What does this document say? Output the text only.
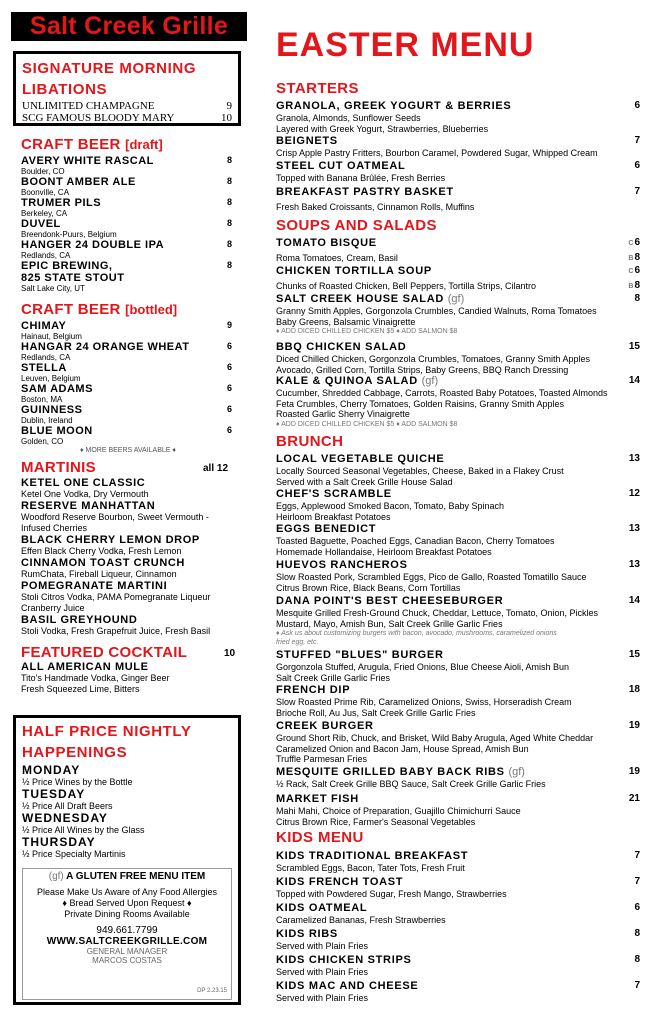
Salt Creek Grille	EASTER MENU
SIGNATURE MORNING LIBATIONS
UNLIMITED CHAMPAGNE	9
SCG FAMOUS BLOODY MARY	10
CRAFT BEER [draft]
AVERY WHITE RASCAL
Boulder, CO
8
BOONT AMBER ALE
Boonville, CA
8
TRUMER PILS
Berkeley, CA
8
DUVEL
Breendonk-Puurs, Belgium
8
HANGER 24 DOUBLE IPA
Redlands, CA
8
EPIC BREWING,
825 STATE STOUT
Salt Lake City, UT
8
CRAFT BEER [bottled]
CHIMAY
Hainaut, Belgium
9
HANGAR 24 ORANGE WHEAT
Redlands, CA
6
STELLA
Leuven, Belgium
6
SAM ADAMS
Boston, MA
6
GUINNESS
Dublin, Ireland
6
BLUE MOON
Golden, CO
6
♦ MORE BEERS AVAILABLE ♦
MARTINIS	all 12
KETEL ONE CLASSIC
Ketel One Vodka, Dry Vermouth
RESERVE MANHATTAN
Woodford Reserve Bourbon, Sweet Vermouth -
Infused Cherries
BLACK CHERRY LEMON DROP
Effen Black Cherry Vodka, Fresh Lemon
CINNAMON TOAST CRUNCH
RumChata, Fireball Liqueur, Cinnamon
POMEGRANATE MARTINI
Stoli Citros Vodka, PAMA Pomegranate Liqueur
Cranberry Juice
BASIL GREYHOUND
Stoli Vodka, Fresh Grapefruit Juice, Fresh Basil
FEATURED COCKTAIL	10
ALL AMERICAN MULE
Tito's Handmade Vodka, Ginger Beer
Fresh Squeezed Lime, Bitters
HALF PRICE NIGHTLY
HAPPENINGS
MONDAY
½ Price Wines by the Bottle
TUESDAY
½ Price All Draft Beers
WEDNESDAY
½ Price All Wines by the Glass
THURSDAY
½ Price Specialty Martinis
(gf) A GLUTEN FREE MENU ITEM
Please Make Us Aware of Any Food Allergies
♦ Bread Served Upon Request ♦
Private Dining Rooms Available
949.661.7799
WWW.SALTCREEKGRILLE.COM
GENERAL MANAGER
MARCOS COSTAS
DP 2.23.15
STARTERS
GRANOLA, GREEK YOGURT & BERRIES
Granola, Almonds, Sunflower Seeds
Layered with Greek Yogurt, Strawberries, Blueberries
6
BEIGNETS
Crisp Apple Pastry Fritters, Bourbon Caramel, Powdered Sugar, Whipped Cream
7
STEEL CUT OATMEAL
Topped with Banana Brûlée, Fresh Berries
6
BREAKFAST PASTRY BASKET
Fresh Baked Croissants, Cinnamon Rolls, Muffins
7
SOUPS AND SALADS
TOMATO BISQUE
Roma Tomatoes, Cream, Basil
C6
B8
CHICKEN TORTILLA SOUP
Chunks of Roasted Chicken, Bell Peppers, Tortilla Strips, Cilantro
C6
B8
SALT CREEK HOUSE SALAD (gf)
Granny Smith Apples, Gorgonzola Crumbles, Candied Walnuts, Roma Tomatoes
Baby Greens, Balsamic Vinaigrette
♦ ADD DICED CHILLED CHICKEN $5 ♦ ADD SALMON $8
8
BBQ CHICKEN SALAD
Diced Chilled Chicken, Gorgonzola Crumbles, Tomatoes, Granny Smith Apples
Avocado, Grilled Corn, Tortilla Strips, Baby Greens, BBQ Ranch Dressing
15
KALE & QUINOA SALAD (gf)
Cucumber, Shredded Cabbage, Carrots, Roasted Baby Potatoes, Toasted Almonds
Feta Crumbles, Cherry Tomatoes, Golden Raisins, Granny Smith Apples
Roasted Garlic Sherry Vinaigrette
♦ ADD DICED CHILLED CHICKEN $5 ♦ ADD SALMON $8
14
BRUNCH
LOCAL VEGETABLE QUICHE
Locally Sourced Seasonal Vegetables, Cheese, Baked in a Flakey Crust
Served with a Salt Creek Grille House Salad
13
CHEF'S SCRAMBLE
Eggs, Applewood Smoked Bacon, Tomato, Baby Spinach
Heirloom Breakfast Potatoes
12
EGGS BENEDICT
Toasted Baguette, Poached Eggs, Canadian Bacon, Cherry Tomatoes
Homemade Hollandaise, Heirloom Breakfast Potatoes
13
HUEVOS RANCHEROS
Slow Roasted Pork, Scrambled Eggs, Pico de Gallo, Roasted Tomatillo Sauce
Citrus Brown Rice, Black Beans, Corn Tortillas
13
DANA POINT'S BEST CHEESEBURGER
Mesquite Grilled Fresh-Ground Chuck, Cheddar, Lettuce, Tomato, Onion, Pickles
Mustard, Mayo, Amish Bun, Salt Creek Grille Garlic Fries
♦ Ask us about customizing burgers with bacon, avocado, mushrooms, caramelized onions
fried egg, etc.
14
STUFFED "BLUES" BURGER
Gorgonzola Stuffed, Arugula, Fried Onions, Blue Cheese Aioli, Amish Bun
Salt Creek Grille Garlic Fries
15
FRENCH DIP
Slow Roasted Prime Rib, Caramelized Onions, Swiss, Horseradish Cream
Brioche Roll, Au Jus, Salt Creek Grille Garlic Fries
18
CREEK BURGER
Ground Short Rib, Chuck, and Brisket, Wild Baby Arugula, Aged White Cheddar
Caramelized Onion and Bacon Jam, House Spread, Amish Bun
Truffle Parmesan Fries
19
MESQUITE GRILLED BABY BACK RIBS (gf)
½ Rack, Salt Creek Grille BBQ Sauce, Salt Creek Grille Garlic Fries
19
MARKET FISH
Mahi Mahi, Choice of Preparation, Guajillo Chimichurri Sauce
Citrus Brown Rice, Farmer's Seasonal Vegetables
21
KIDS MENU
KIDS TRADITIONAL BREAKFAST
Scrambled Eggs, Bacon, Tater Tots, Fresh Fruit
7
KIDS FRENCH TOAST
Topped with Powdered Sugar, Fresh Mango, Strawberries
7
KIDS OATMEAL
Caramelized Bananas, Fresh Strawberries
6
KIDS RIBS
Served with Plain Fries
8
KIDS CHICKEN STRIPS
Served with Plain Fries
8
KIDS MAC AND CHEESE
Served with Plain Fries
7
